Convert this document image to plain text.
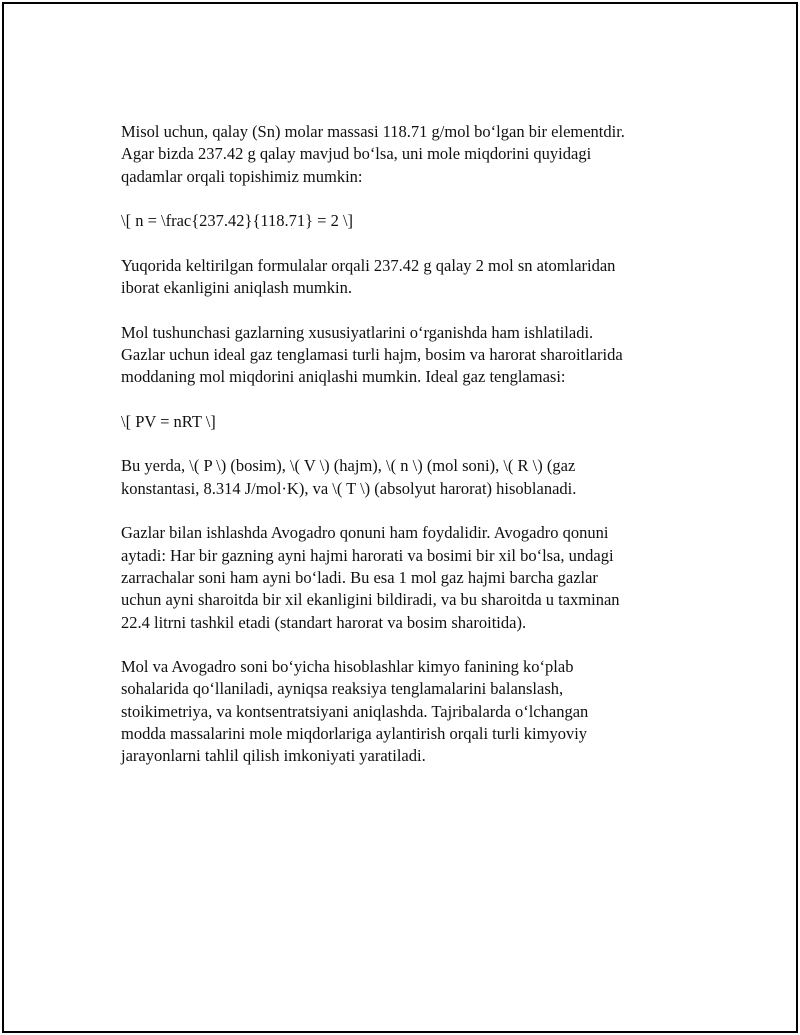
Misol uchun, qalay (Sn) molar massasi 118.71 g/mol bo‘lgan bir elementdir.
Agar bizda 237.42 g qalay mavjud bo‘lsa, uni mole miqdorini quyidagi
qadamlar orqali topishimiz mumkin:

\[ n = \frac{237.42}{118.71} = 2 \]

Yuqorida keltirilgan formulalar orqali 237.42 g qalay 2 mol sn atomlaridan
iborat ekanligini aniqlash mumkin.

Mol tushunchasi gazlarning xususiyatlarini o‘rganishda ham ishlatiladi.
Gazlar uchun ideal gaz tenglamasi turli hajm, bosim va harorat sharoitlarida
moddaning mol miqdorini aniqlashi mumkin. Ideal gaz tenglamasi:

\[ PV = nRT \]

Bu yerda, \( P \) (bosim), \( V \) (hajm), \( n \) (mol soni), \( R \) (gaz
konstantasi, 8.314 J/mol·K), va \( T \) (absolyut harorat) hisoblanadi.

Gazlar bilan ishlashda Avogadro qonuni ham foydalidir. Avogadro qonuni
aytadi: Har bir gazning ayni hajmi harorati va bosimi bir xil bo‘lsa, undagi
zarrachalar soni ham ayni bo‘ladi. Bu esa 1 mol gaz hajmi barcha gazlar
uchun ayni sharoitda bir xil ekanligini bildiradi, va bu sharoitda u taxminan
22.4 litrni tashkil etadi (standart harorat va bosim sharoitida).

Mol va Avogadro soni bo‘yicha hisoblashlar kimyo fanining ko‘plab
sohalarida qo‘llaniladi, ayniqsa reaksiya tenglamalarini balanslash,
stoikimetriya, va kontsentratsiyani aniqlashda. Tajribalarda o‘lchangan
modda massalarini mole miqdorlariga aylantirish orqali turli kimyoviy
jarayonlarni tahlil qilish imkoniyati yaratiladi.
